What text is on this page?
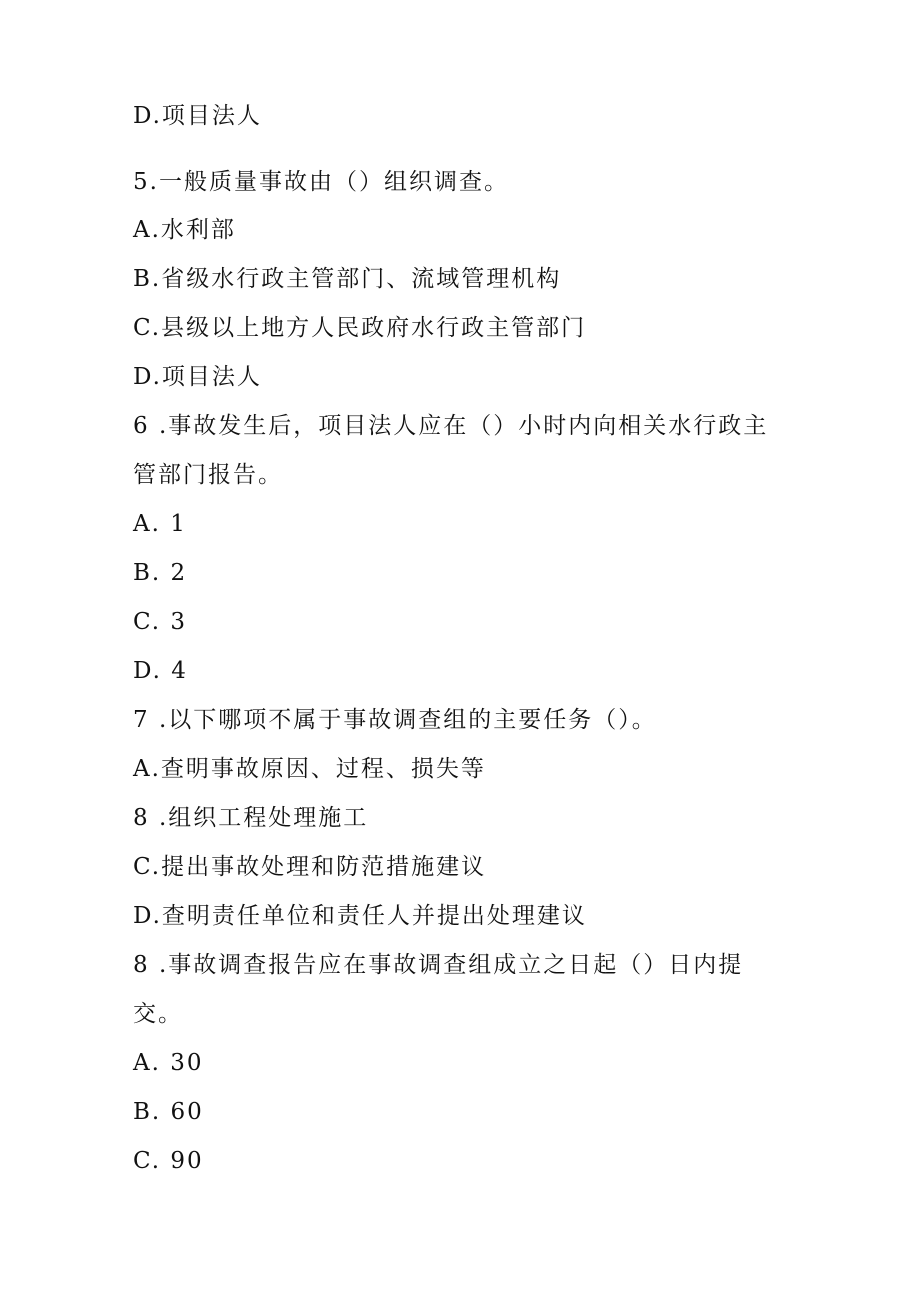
D.项目法人
5.一般质量事故由（）组织调查。
A.水利部
B.省级水行政主管部门、流域管理机构
C.县级以上地方人民政府水行政主管部门
D.项目法人
6 .事故发生后，项目法人应在（）小时内向相关水行政主
管部门报告。
A. 1
B. 2
C. 3
D. 4
7 .以下哪项不属于事故调查组的主要任务（）。
A.查明事故原因、过程、损失等
8 .组织工程处理施工
C.提出事故处理和防范措施建议
D.查明责任单位和责任人并提出处理建议
8 .事故调查报告应在事故调查组成立之日起（）日内提
交。
A. 30
B. 60
C. 90
